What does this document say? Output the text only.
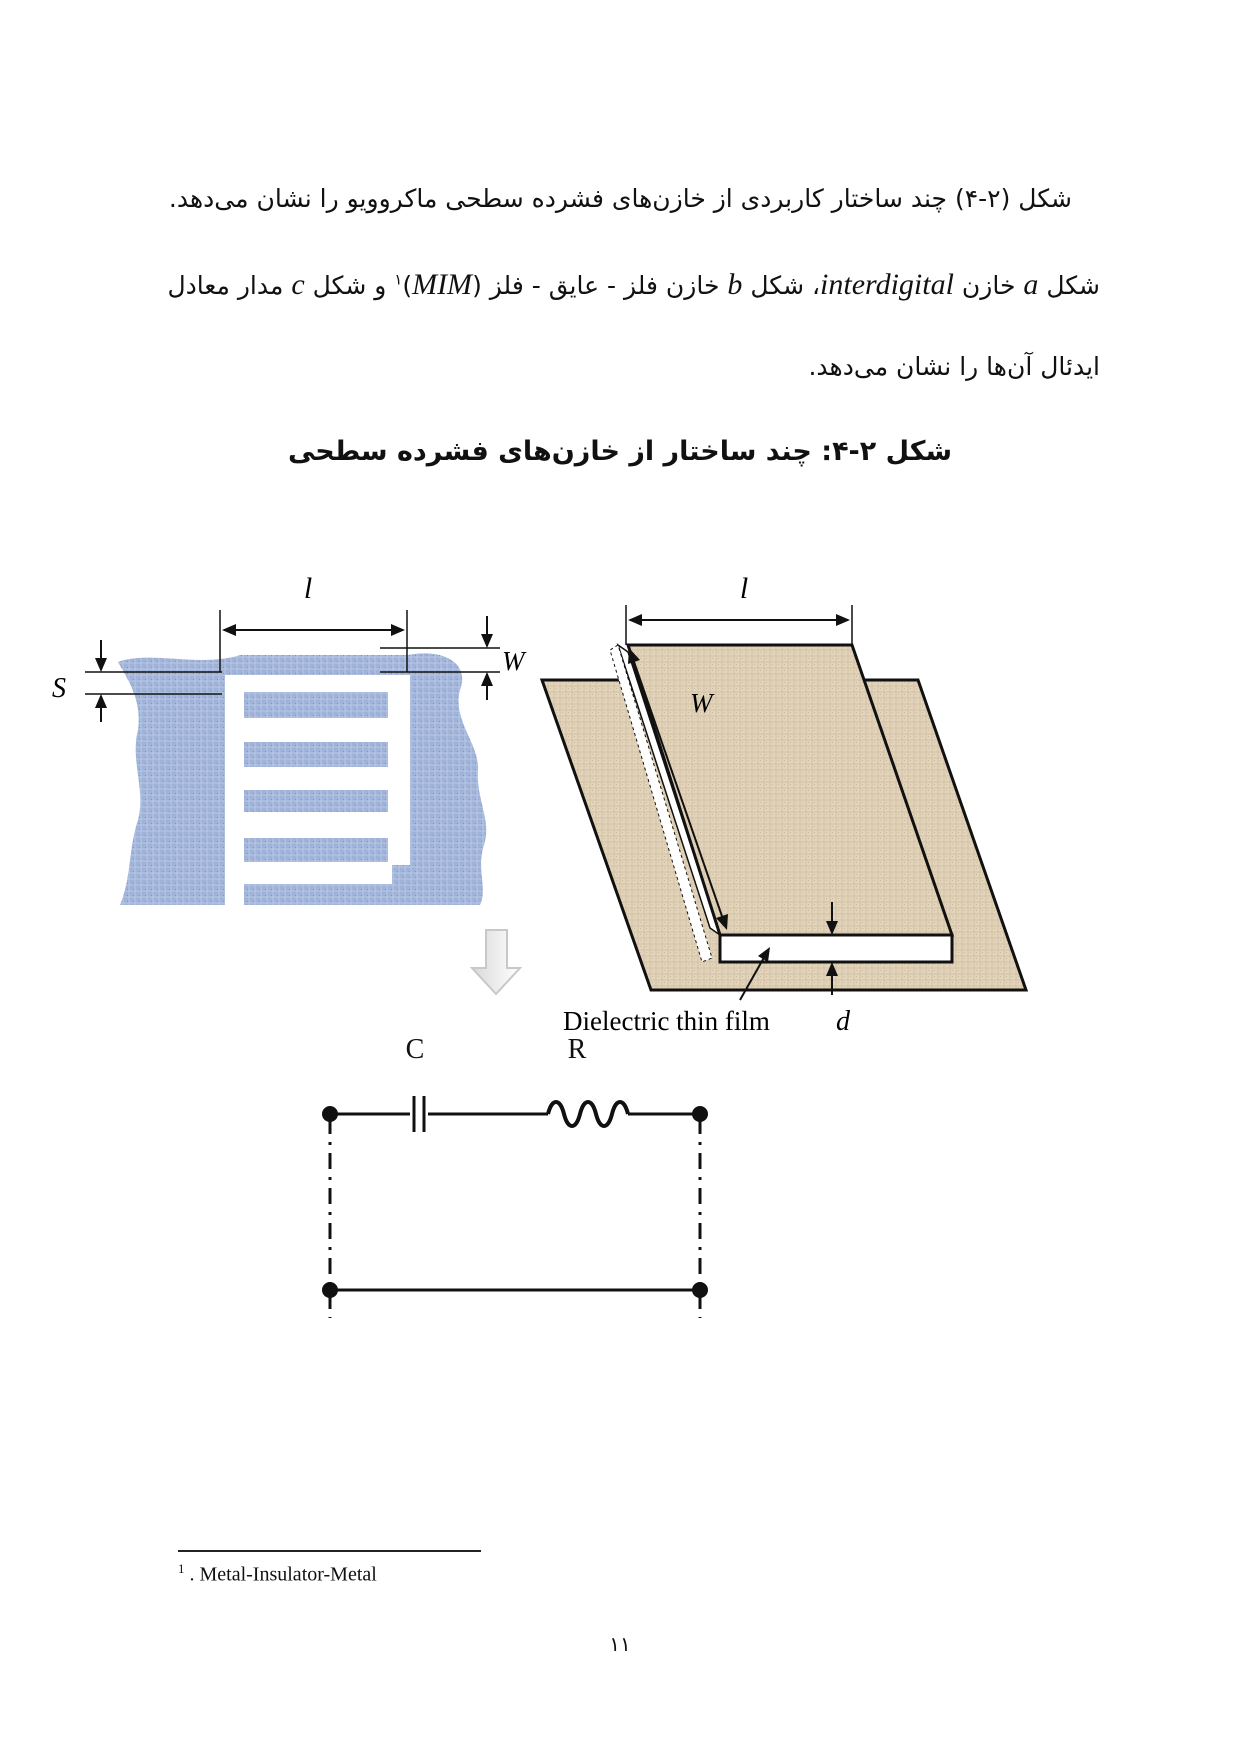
شکل (۲-۴) چند ساختار کاربردی از خازن‌های فشرده سطحی ماکروویو را نشان می‌دهد.
شکل a خازن interdigital، شکل b خازن فلز - عایق - فلز (MIM)$^۱$ و شکل c مدار معادل
ایدئال آن‌ها را نشان می‌دهد.
شکل ۲-۴: چند ساختار از خازن‌های فشرده سطحی
l
W
S
l
W
d
Dielectric thin film
C	R
$^1$ . Metal-Insulator-Metal
۱۱
